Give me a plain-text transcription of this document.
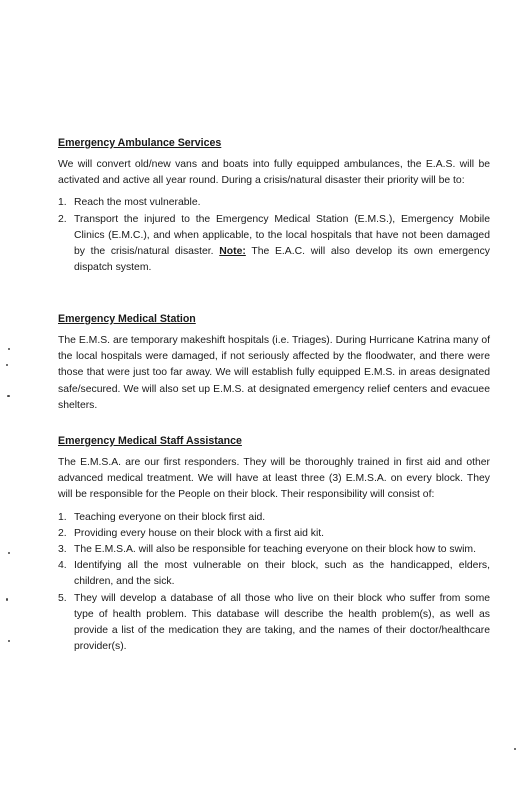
Emergency Ambulance Services

We will convert old/new vans and boats into fully equipped ambulances, the E.A.S. will be activated and active all year round. During a crisis/natural disaster their priority will be to:

1. Reach the most vulnerable.
2. Transport the injured to the Emergency Medical Station (E.M.S.), Emergency Mobile Clinics (E.M.C.), and when applicable, to the local hospitals that have not been damaged by the crisis/natural disaster. Note: The E.A.C. will also develop its own emergency dispatch system.
Emergency Medical Station

The E.M.S. are temporary makeshift hospitals (i.e. Triages). During Hurricane Katrina many of the local hospitals were damaged, if not seriously affected by the floodwater, and there were those that were just too far away. We will establish fully equipped E.M.S. in areas designated safe/secured. We will also set up E.M.S. at designated emergency relief centers and evacuee shelters.

Emergency Medical Staff Assistance

The E.M.S.A. are our first responders. They will be thoroughly trained in first aid and other advanced medical treatment. We will have at least three (3) E.M.S.A. on every block. They will be responsible for the People on their block. Their responsibility will consist of:

1. Teaching everyone on their block first aid.
2. Providing every house on their block with a first aid kit.
3. The E.M.S.A. will also be responsible for teaching everyone on their block how to swim.
4. Identifying all the most vulnerable on their block, such as the handicapped, elders, children, and the sick.
5. They will develop a database of all those who live on their block who suffer from some type of health problem. This database will describe the health problem(s), as well as provide a list of the medication they are taking, and the names of their doctor/healthcare provider(s).
